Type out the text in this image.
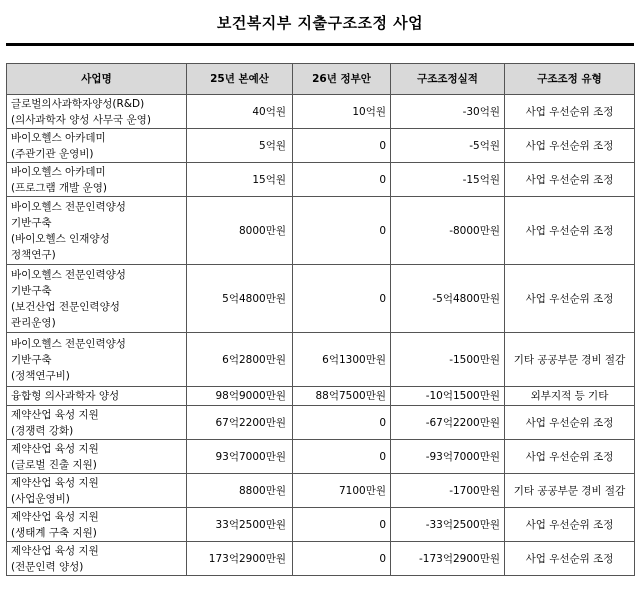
보건복지부 지출구조조정 사업
사업명	25년 본예산	26년 정부안	구조조정실적	구조조정 유형

글로벌의사과학자양성(R&D)
(의사과학자 양성 사무국 운영)	40억원	10억원	-30억원	사업 우선순위 조정

바이오헬스 아카데미
(주관기관 운영비)	5억원	0	-5억원	사업 우선순위 조정

바이오헬스 아카데미
(프로그램 개발 운영)	15억원	0	-15억원	사업 우선순위 조정

바이오헬스 전문인력양성
기반구축
(바이오헬스 인재양성
정책연구)	8000만원	0	-8000만원	사업 우선순위 조정

바이오헬스 전문인력양성
기반구축
(보건산업 전문인력양성
관리운영)	5억4800만원	0	-5억4800만원	사업 우선순위 조정

바이오헬스 전문인력양성
기반구축
(정책연구비)	6억2800만원	6억1300만원	-1500만원	기타 공공부문 경비 절감

융합형 의사과학자 양성	98억9000만원	88억7500만원	-10억1500만원	외부지적 등 기타

제약산업 육성 지원
(경쟁력 강화)	67억2200만원	0	-67억2200만원	사업 우선순위 조정

제약산업 육성 지원
(글로벌 진출 지원)	93억7000만원	0	-93억7000만원	사업 우선순위 조정

제약산업 육성 지원
(사업운영비)	8800만원	7100만원	-1700만원	기타 공공부문 경비 절감

제약산업 육성 지원
(생태계 구축 지원)	33억2500만원	0	-33억2500만원	사업 우선순위 조정

제약산업 육성 지원
(전문인력 양성)	173억2900만원	0	-173억2900만원	사업 우선순위 조정
